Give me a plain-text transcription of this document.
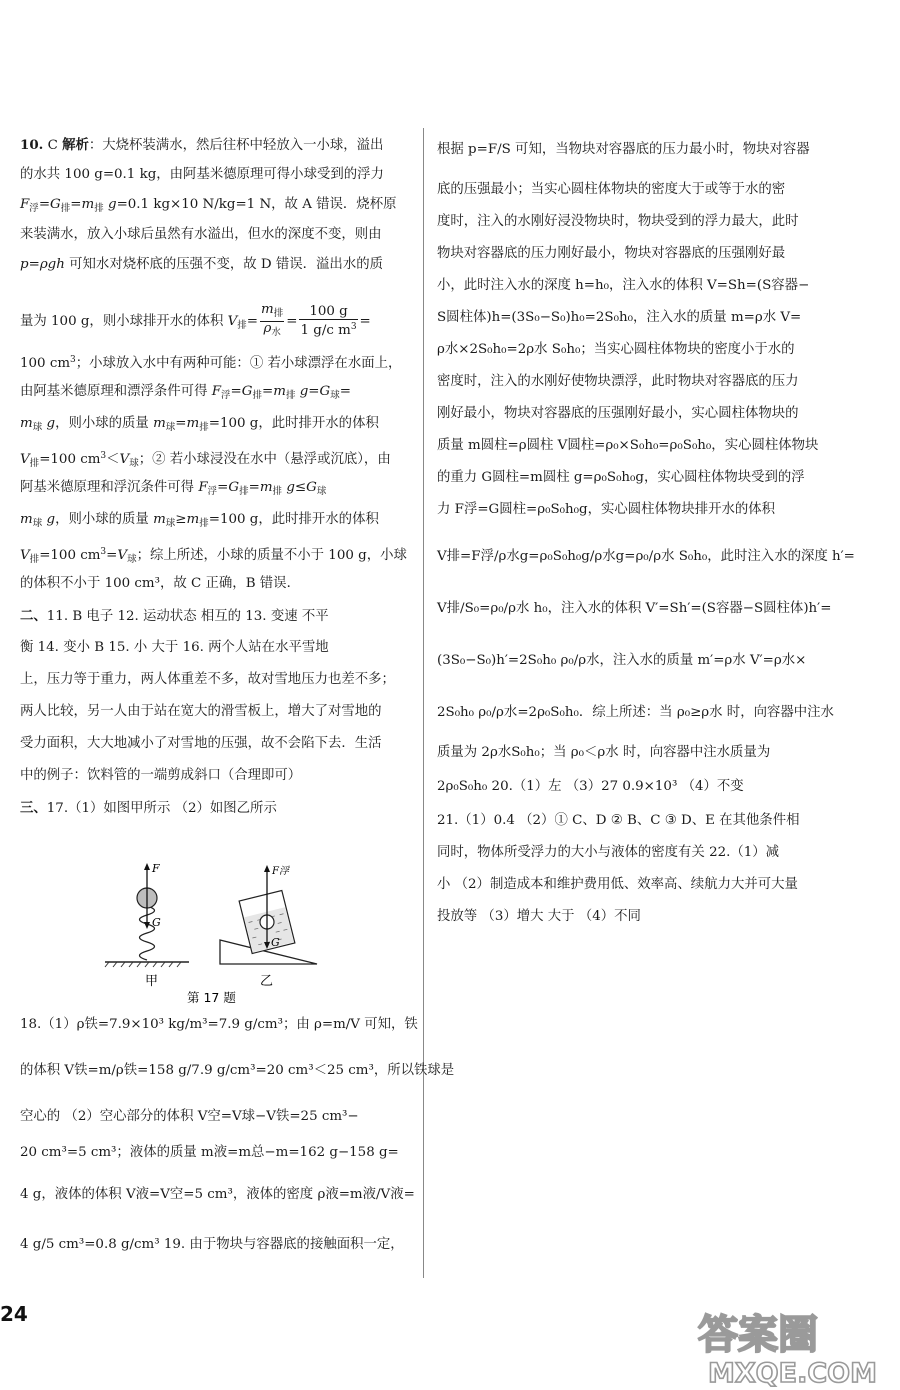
10. C 解析：大烧杯装满水，然后往杯中轻放入一小球，溢出
的水共 100 g=0.1 kg，由阿基米德原理可得小球受到的浮力
$F_浮=G_排=m_排$ g=0.1 kg×10 N/kg=1 N，故 A 错误．烧杯原
来装满水，放入小球后虽然有水溢出，但水的深度不变，则由
p=ρgh 可知水对烧杯底的压强不变，故 D 错误．溢出水的质
量为 100 g，则小球排开水的体积 $V_排= \frac{m_排}{\rho_水} = \frac{100 g}{1 g/c m^3}$ =
100 $cm^3$；小球放入水中有两种可能：① 若小球漂浮在水面上，
由阿基米德原理和漂浮条件可得 $F_浮=G_排=m_排$ $g=G_球=$
$m_球$ g，则小球的质量 $m_球=m_排=100$ g，此时排开水的体积
$V_排=100$ $cm^3<V_球$；② 若小球浸没在水中（悬浮或沉底），由
阿基米德原理和浮沉条件可得 $F_浮=G_排=m_排$ $g\le G_球$
$m_球$ g，则小球的质量 $m_球\ge m_排=100$ g，此时排开水的体积
$V_排=100$ $cm^3=V_球$；综上所述，小球的质量不小于 100 g，小球
的体积不小于 100 cm³，故 C 正确，B 错误．
二、11. B 电子 12. 运动状态 相互的 13. 变速 不平
衡 14. 变小 B 15. 小 大于 16. 两个人站在水平雪地
上，压力等于重力，两人体重差不多，故对雪地压力也差不多；
两人比较，另一人由于站在宽大的滑雪板上，增大了对雪地的
受力面积，大大地减小了对雪地的压强，故不会陷下去．生活
中的例子：饮料管的一端剪成斜口（合理即可）
三、17.（1）如图甲所示 （2）如图乙所示
18.（1）ρ铁=7.9×10³ kg/m³=7.9 g/cm³；由 ρ=m/V 可知，铁
的体积 V铁=m/ρ铁=158 g/7.9 g/cm³=20 cm³＜25 cm³，所以铁球是
空心的 （2）空心部分的体积 V空=V球−V铁=25 cm³−
20 cm³=5 cm³；液体的质量 m液=m总−m=162 g−158 g=
4 g，液体的体积 V液=V空=5 cm³，液体的密度 ρ液=m液/V液=
4 g/5 cm³=0.8 g/cm³ 19. 由于物块与容器底的接触面积一定，
F
G
甲
F浮
G
乙
第 17 题
根据 p=F/S 可知，当物块对容器底的压力最小时，物块对容器
底的压强最小；当实心圆柱体物块的密度大于或等于水的密
度时，注入的水刚好浸没物块时，物块受到的浮力最大，此时
物块对容器底的压力刚好最小，物块对容器底的压强刚好最
小，此时注入水的深度 h=h₀，注入水的体积 V=Sh=(S容器−
S圆柱体)h=(3S₀−S₀)h₀=2S₀h₀，注入水的质量 m=ρ水 V=
ρ水×2S₀h₀=2ρ水 S₀h₀；当实心圆柱体物块的密度小于水的
密度时，注入的水刚好使物块漂浮，此时物块对容器底的压力
刚好最小，物块对容器底的压强刚好最小，实心圆柱体物块的
质量 m圆柱=ρ圆柱 V圆柱=ρ₀×S₀h₀=ρ₀S₀h₀，实心圆柱体物块
的重力 G圆柱=m圆柱 g=ρ₀S₀h₀g，实心圆柱体物块受到的浮
力 F浮=G圆柱=ρ₀S₀h₀g，实心圆柱体物块排开水的体积
V排=F浮/ρ水g=ρ₀S₀h₀g/ρ水g=ρ₀/ρ水 S₀h₀，此时注入水的深度 h′=
V排/S₀=ρ₀/ρ水 h₀，注入水的体积 V′=Sh′=(S容器−S圆柱体)h′=
(3S₀−S₀)h′=2S₀h₀ ρ₀/ρ水，注入水的质量 m′=ρ水 V′=ρ水×
2S₀h₀ ρ₀/ρ水=2ρ₀S₀h₀．综上所述：当 ρ₀≥ρ水 时，向容器中注水
质量为 2ρ水S₀h₀；当 ρ₀＜ρ水 时，向容器中注水质量为
2ρ₀S₀h₀ 20.（1）左 （3）27 0.9×10³ （4）不变
21.（1）0.4 （2）① C、D ② B、C ③ D、E 在其他条件相
同时，物体所受浮力的大小与液体的密度有关 22.（1）减
小 （2）制造成本和维护费用低、效率高、续航力大并可大量
投放等 （3）增大 大于 （4）不同
24	答案圈
MXQE.COM
